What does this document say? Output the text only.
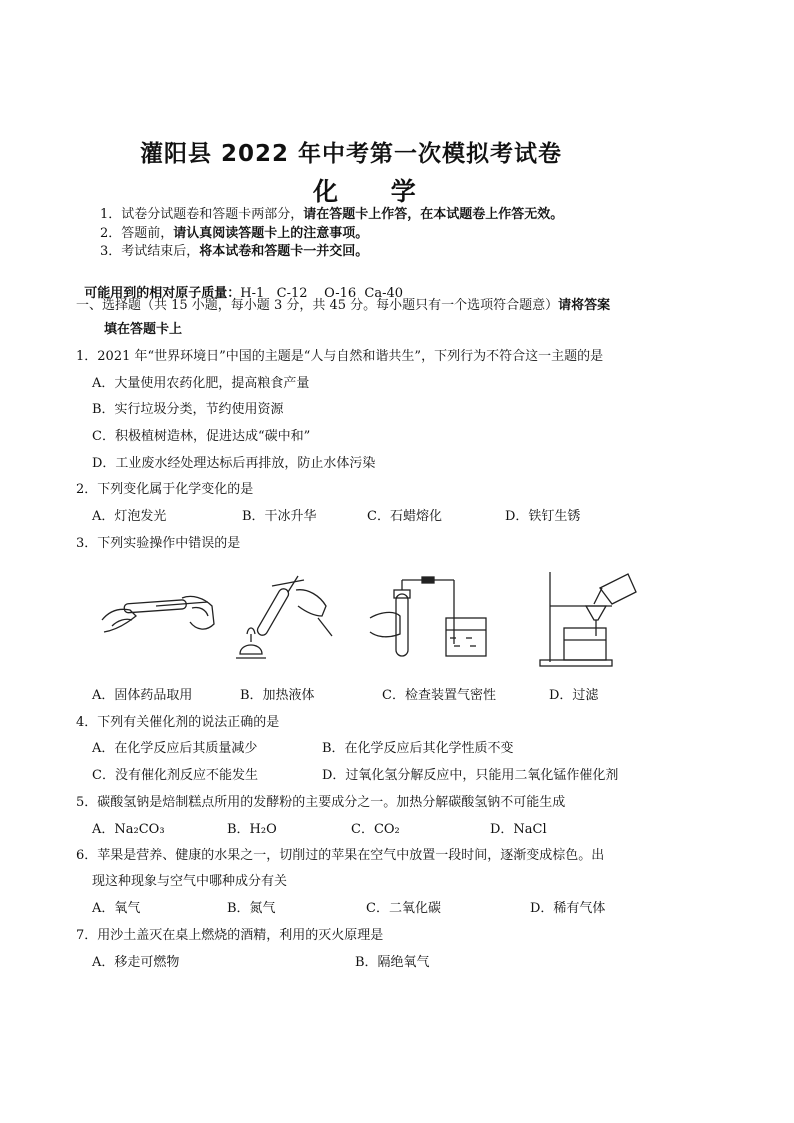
灌阳县 2022 年中考第一次模拟考试卷
化 学
1．试卷分试题卷和答题卡两部分，请在答题卡上作答，在本试题卷上作答无效。
2．答题前，请认真阅读答题卡上的注意事项。
3．考试结束后，将本试卷和答题卡一并交回。

可能用到的相对原子质量：H-1   C-12    O-16  Ca-40

一、选择题（共 15 小题，每小题 3 分，共 45 分。每小题只有一个选项符合题意）请将答案
填在答题卡上
1．2021 年“世界环境日”中国的主题是“人与自然和谐共生”，下列行为不符合这一主题的是
A．大量使用农药化肥，提高粮食产量
B．实行垃圾分类，节约使用资源
C．积极植树造林，促进达成“碳中和”
D．工业废水经处理达标后再排放，防止水体污染
2．下列变化属于化学变化的是
A．灯泡发光	B．干冰升华	C．石蜡熔化	D．铁钉生锈
3．下列实验操作中错误的是
A．固体药品取用	B．加热液体	C．检查装置气密性	D．过滤
4．下列有关催化剂的说法正确的是
A．在化学反应后其质量减少	B．在化学反应后其化学性质不变
C．没有催化剂反应不能发生	D．过氧化氢分解反应中，只能用二氧化锰作催化剂
5．碳酸氢钠是焙制糕点所用的发酵粉的主要成分之一。加热分解碳酸氢钠不可能生成
A．Na₂CO₃	B．H₂O	C．CO₂	D．NaCl
6．苹果是营养、健康的水果之一，切削过的苹果在空气中放置一段时间，逐渐变成棕色。出
现这种现象与空气中哪种成分有关
A．氧气	B．氮气	C．二氧化碳	D．稀有气体
7．用沙土盖灭在桌上燃烧的酒精，利用的灭火原理是
A．移走可燃物	B．隔绝氧气
